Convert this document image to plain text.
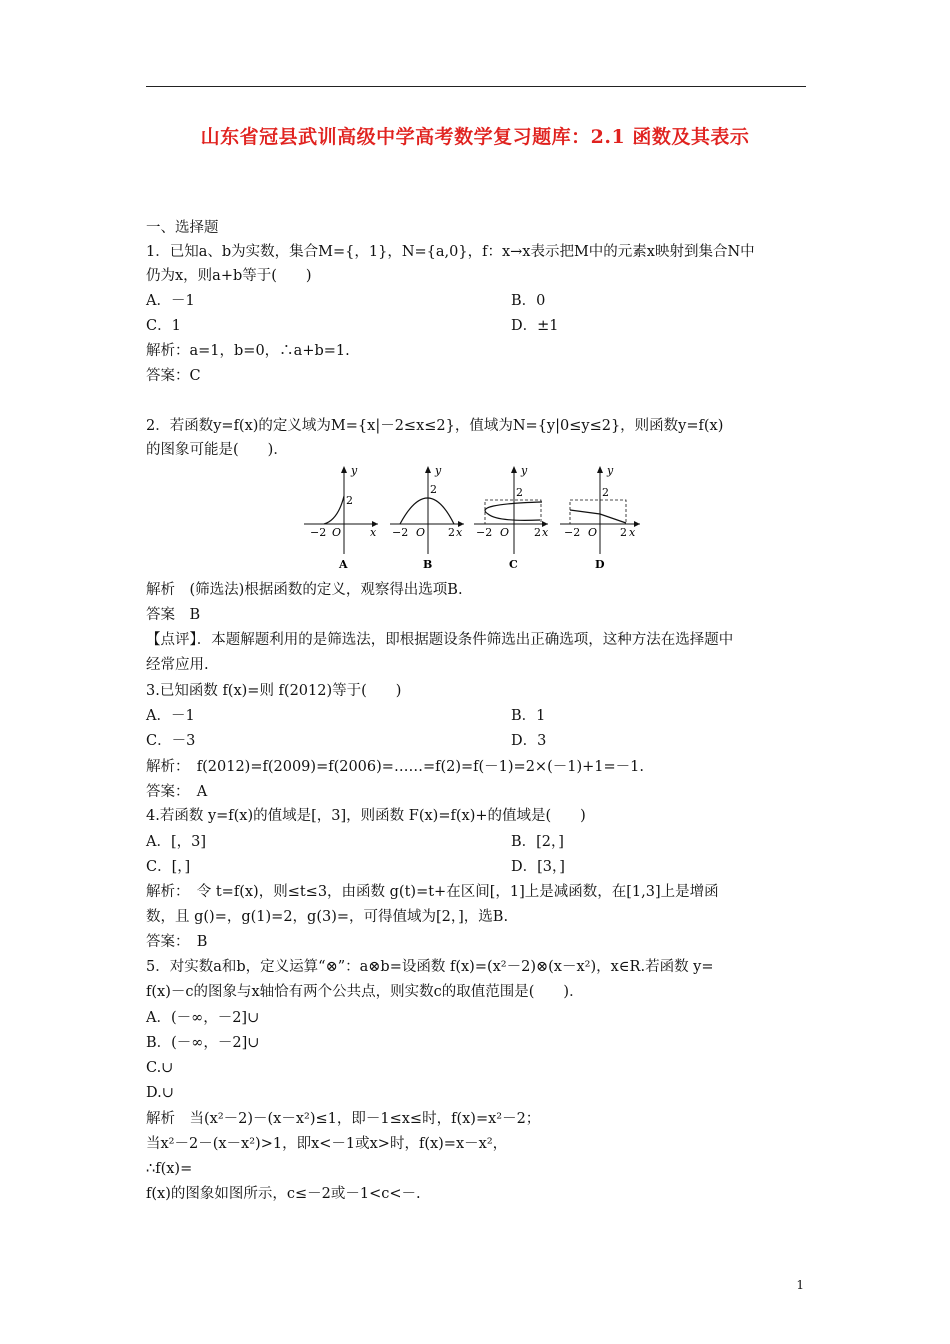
山东省冠县武训高级中学高考数学复习题库：2.1 函数及其表示
一、选择题
1．已知a、b为实数，集合M={，1}，N={a,0}，f：x→x表示把M中的元素x映射到集合N中
仍为x，则a+b等于(　　)
A．－1	B．0
C．1	D．±1
解析：a=1，b=0，∴a+b=1.
答案：C
2．若函数y=f(x)的定义域为M={x|－2≤x≤2}，值域为N={y|0≤y≤2}，则函数y=f(x)
的图象可能是(　　)．
y
2
x
−2 O
A
y
2
−2 O 2 x
B
y
2
−2 O 2 x
C
y
2
−2 O 2 x
D
解析　(筛选法)根据函数的定义，观察得出选项B.
答案　B
【点评】．本题解题利用的是筛选法，即根据题设条件筛选出正确选项，这种方法在选择题中
经常应用.
3.已知函数 f(x)=则 f(2012)等于(　　)
A．－1	B．1
C．－3	D．3
解析：　f(2012)=f(2009)=f(2006)=……=f(2)=f(－1)=2×(－1)+1=－1.
答案：　A
4.若函数 y=f(x)的值域是[，3]，则函数 F(x)=f(x)+的值域是(　　)
A．[，3]	B．[2，]
C．[，]	D．[3，]
解析：　令 t=f(x)，则≤t≤3，由函数 g(t)=t+在区间[，1]上是减函数，在[1,3]上是增函
数，且 g()=，g(1)=2，g(3)=，可得值域为[2，]，选B.
答案：　B
5．对实数a和b，定义运算“⊗”：a⊗b=设函数 f(x)=(x²－2)⊗(x－x²)，x∈R.若函数 y=
f(x)－c的图象与x轴恰有两个公共点，则实数c的取值范围是(　　)．
A．(－∞，－2]∪
B．(－∞，－2]∪
C.∪
D.∪
解析　当(x²－2)－(x－x²)≤1，即－1≤x≤时，f(x)=x²－2；
当x²－2－(x－x²)>1，即x<－1或x>时，f(x)=x－x²，
∴f(x)=
f(x)的图象如图所示，c≤－2或－1<c<－.
1
